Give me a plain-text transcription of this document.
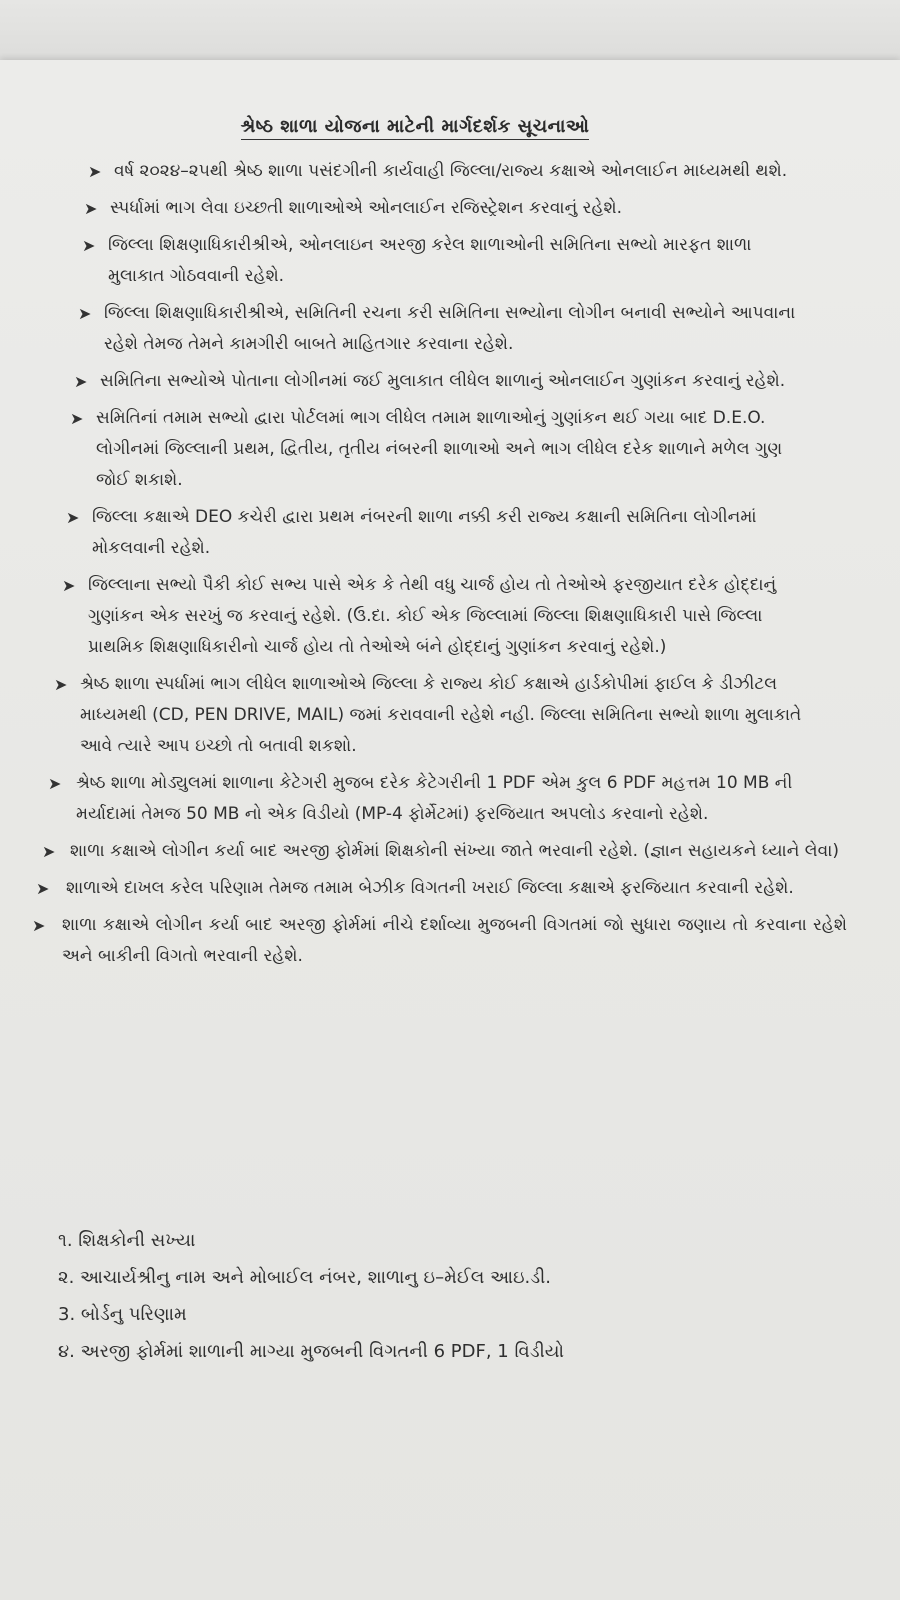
શ્રેષ્ઠ શાળા યોજના માટેની માર્ગદર્શક સૂચનાઓ
➤ વર્ષ ૨૦૨૪–૨૫થી શ્રેષ્ઠ શાળા પસંદગીની કાર્યવાહી જિલ્લા/રાજ્ય કક્ષાએ ઓનલાઈન માધ્યમથી થશે.
➤ સ્પર્ધામાં ભાગ લેવા ઇચ્છતી શાળાઓએ ઓનલાઈન રજિસ્ટ્રેશન કરવાનું રહેશે.
➤ જિલ્લા શિક્ષણાધિકારીશ્રીએ, ઓનલાઇન અરજી કરેલ શાળાઓની સમિતિના સભ્યો મારફત શાળા મુલાકાત ગોઠવવાની રહેશે.
➤ જિલ્લા શિક્ષણાધિકારીશ્રીએ, સમિતિની રચના કરી સમિતિના સભ્યોના લોગીન બનાવી સભ્યોને આપવાના રહેશે તેમજ તેમને કામગીરી બાબતે માહિતગાર કરવાના રહેશે.
➤ સમિતિના સભ્યોએ પોતાના લોગીનમાં જઈ મુલાકાત લીધેલ શાળાનું ઓનલાઈન ગુણાંકન કરવાનું રહેશે.
➤ સમિતિનાં તમામ સભ્યો દ્વારા પોર્ટલમાં ભાગ લીધેલ તમામ શાળાઓનું ગુણાંકન થઈ ગયા બાદ D.E.O. લોગીનમાં જિલ્લાની પ્રથમ, દ્વિતીય, તૃતીય નંબરની શાળાઓ અને ભાગ લીધેલ દરેક શાળાને મળેલ ગુણ જોઈ શકાશે.
➤ જિલ્લા કક્ષાએ DEO કચેરી દ્વારા પ્રથમ નંબરની શાળા નક્કી કરી રાજ્ય કક્ષાની સમિતિના લોગીનમાં મોકલવાની રહેશે.
➤ જિલ્લાના સભ્યો પૈકી કોઈ સભ્ય પાસે એક કે તેથી વધુ ચાર્જ હોય તો તેઓએ ફરજીયાત દરેક હોદ્દાનું ગુણાંકન એક સરખું જ કરવાનું રહેશે. (ઉ.દા. કોઈ એક જિલ્લામાં જિલ્લા શિક્ષણાધિકારી પાસે જિલ્લા પ્રાથમિક શિક્ષણાધિકારીનો ચાર્જ હોય તો તેઓએ બંને હોદ્દાનું ગુણાંકન કરવાનું રહેશે.)
➤ શ્રેષ્ઠ શાળા સ્પર્ધામાં ભાગ લીધેલ શાળાઓએ જિલ્લા કે રાજ્ય કોઈ કક્ષાએ હાર્ડકોપીમાં ફાઈલ કે ડીઝીટલ માધ્યમથી (CD, PEN DRIVE, MAIL) જમાં કરાવવાની રહેશે નહી. જિલ્લા સમિતિના સભ્યો શાળા મુલાકાતે આવે ત્યારે આપ ઇચ્છો તો બતાવી શકશો.
➤ શ્રેષ્ઠ શાળા મોડ્યુલમાં શાળાના કેટેગરી મુજબ દરેક કેટેગરીની 1 PDF એમ કુલ 6 PDF મહત્તમ 10 MB ની મર્યાદામાં તેમજ 50 MB નો એક વિડીયો (MP-4 ફોર્મેટમાં) ફરજિયાત અપલોડ કરવાનો રહેશે.
➤ શાળા કક્ષાએ લોગીન કર્યા બાદ અરજી ફોર્મમાં શિક્ષકોની સંખ્યા જાતે ભરવાની રહેશે. (જ્ઞાન સહાયકને ધ્યાને લેવા)
➤ શાળાએ દાખલ કરેલ પરિણામ તેમજ તમામ બેઝીક વિગતની ખરાઈ જિલ્લા કક્ષાએ ફરજિયાત કરવાની રહેશે.
➤ શાળા કક્ષાએ લોગીન કર્યા બાદ અરજી ફોર્મમાં નીચે દર્શાવ્યા મુજબની વિગતમાં જો સુધારા જણાય તો કરવાના રહેશે અને બાકીની વિગતો ભરવાની રહેશે.
૧. શિક્ષકોની સખ્યા
૨. આચાર્યશ્રીનુ નામ અને મોબાઈલ નંબર, શાળાનુ ઇ–મેઈલ આઇ.ડી.
3. બોર્ડનુ પરિણામ
૪. અરજી ફોર્મમાં શાળાની માગ્યા મુજબની વિગતની 6 PDF, 1 વિડીયો
